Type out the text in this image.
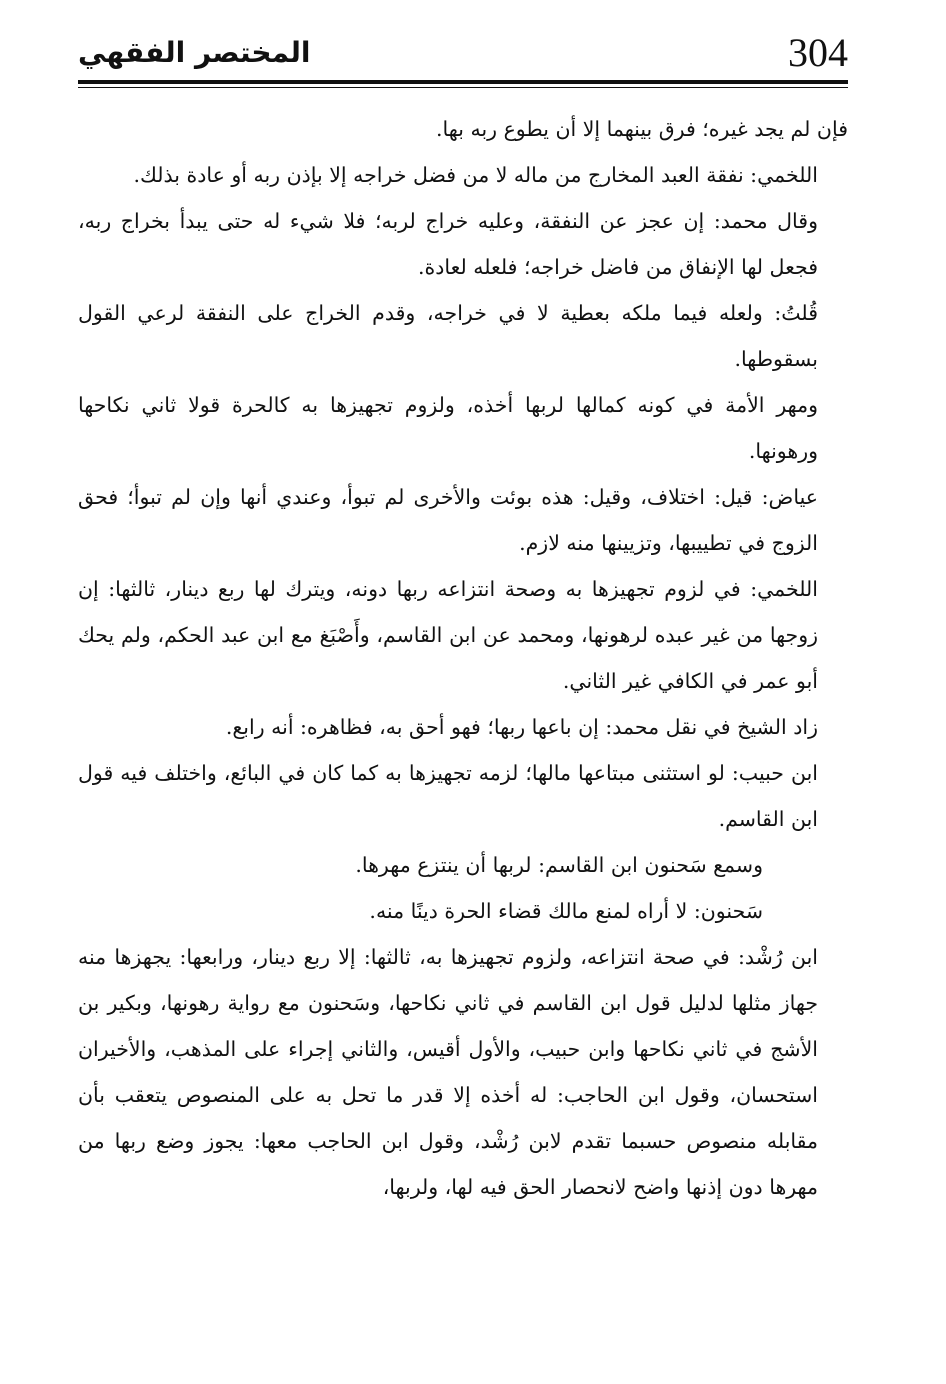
304
المختصر الفقهي

فإن لم يجد غيره؛ فرق بينهما إلا أن يطوع ربه بها.

اللخمي: نفقة العبد المخارج من ماله لا من فضل خراجه إلا بإذن ربه أو عادة بذلك.

وقال محمد: إن عجز عن النفقة، وعليه خراج لربه؛ فلا شيء له حتى يبدأ بخراج ربه، فجعل لها الإنفاق من فاضل خراجه؛ فلعله لعادة.

قُلتُ: ولعله فيما ملكه بعطية لا في خراجه، وقدم الخراج على النفقة لرعي القول بسقوطها.

ومهر الأمة في كونه كمالها لربها أخذه، ولزوم تجهيزها به كالحرة قولا ثاني نكاحها ورهونها.

عياض: قيل: اختلاف، وقيل: هذه بوئت والأخرى لم تبوأ، وعندي أنها وإن لم تبوأ؛ فحق الزوج في تطييبها، وتزيينها منه لازم.

اللخمي: في لزوم تجهيزها به وصحة انتزاعه ربها دونه، ويترك لها ربع دينار، ثالثها: إن زوجها من غير عبده لرهونها، ومحمد عن ابن القاسم، وأَصْبَغ مع ابن عبد الحكم، ولم يحك أبو عمر في الكافي غير الثاني.

زاد الشيخ في نقل محمد: إن باعها ربها؛ فهو أحق به، فظاهره: أنه رابع.

ابن حبيب: لو استثنى مبتاعها مالها؛ لزمه تجهيزها به كما كان في البائع، واختلف فيه قول ابن القاسم.

وسمع سَحنون ابن القاسم: لربها أن ينتزع مهرها.

سَحنون: لا أراه لمنع مالك قضاء الحرة دينًا منه.

ابن رُشْد: في صحة انتزاعه، ولزوم تجهيزها به، ثالثها: إلا ربع دينار، ورابعها: يجهزها منه جهاز مثلها لدليل قول ابن القاسم في ثاني نكاحها، وسَحنون مع رواية رهونها، وبكير بن الأشج في ثاني نكاحها وابن حبيب، والأول أقيس، والثاني إجراء على المذهب، والأخيران استحسان، وقول ابن الحاجب: له أخذه إلا قدر ما تحل به على المنصوص يتعقب بأن مقابله منصوص حسبما تقدم لابن رُشْد، وقول ابن الحاجب معها: يجوز وضع ربها من مهرها دون إذنها واضح لانحصار الحق فيه لها، ولربها،
